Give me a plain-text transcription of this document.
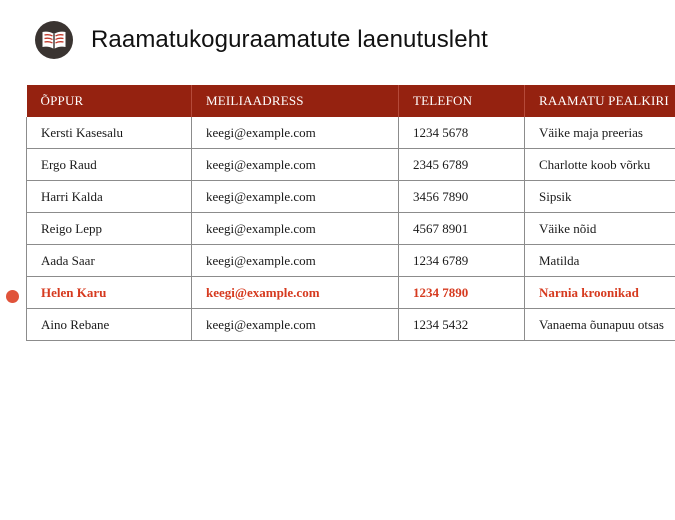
Raamatukoguraamatute laenutusleht
ÕPPUR	MEILIAADRESS	TELEFON	RAAMATU PEALKIRI
Kersti Kasesalu	keegi@example.com	1234 5678	Väike maja preerias
Ergo Raud	keegi@example.com	2345 6789	Charlotte koob võrku
Harri Kalda	keegi@example.com	3456 7890	Sipsik
Reigo Lepp	keegi@example.com	4567 8901	Väike nõid
Aada Saar	keegi@example.com	1234 6789	Matilda
Helen Karu	keegi@example.com	1234 7890	Narnia kroonikad
Aino Rebane	keegi@example.com	1234 5432	Vanaema õunapuu otsas
